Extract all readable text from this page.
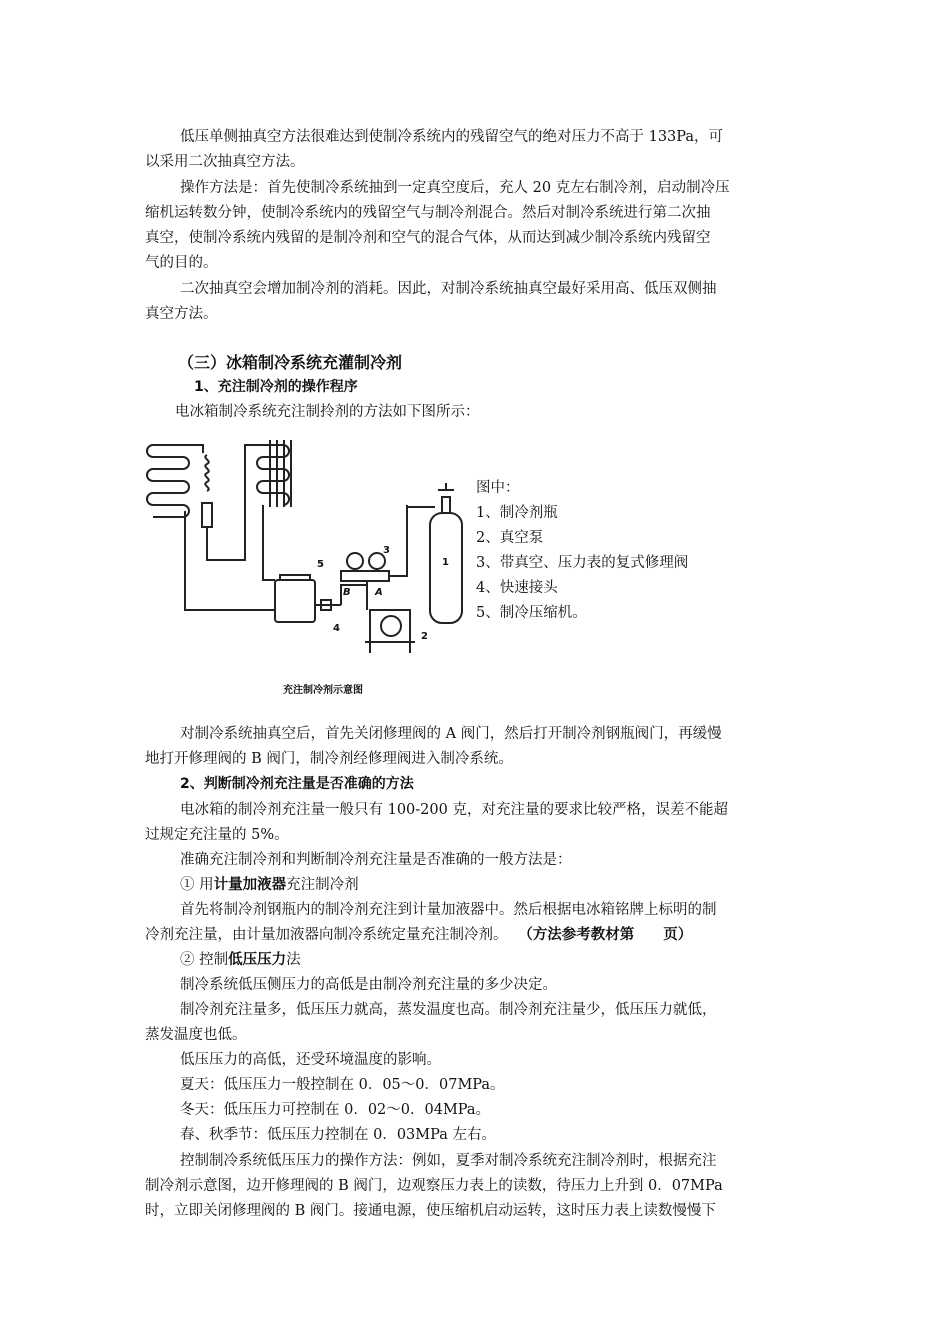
低压单侧抽真空方法很难达到使制冷系统内的残留空气的绝对压力不高于 133Pa，可
以采用二次抽真空方法。
操作方法是：首先使制冷系统抽到一定真空度后，充人 20 克左右制冷剂，启动制冷压
缩机运转数分钟，使制冷系统内的残留空气与制冷剂混合。然后对制冷系统进行第二次抽
真空，使制冷系统内残留的是制冷剂和空气的混合气体，从而达到减少制冷系统内残留空
气的目的。
二次抽真空会增加制冷剂的消耗。因此，对制冷系统抽真空最好采用高、低压双侧抽
真空方法。
（三）冰箱制冷系统充灌制冷剂
1、充注制冷剂的操作程序
电冰箱制冷系统充注制拎剂的方法如下图所示：
5
3
B A
4
2
1
充注制冷剂示意图
图中：
1、制冷剂瓶
2、真空泵
3、带真空、压力表的复式修理阀
4、快速接头
5、制冷压缩机。
对制冷系统抽真空后，首先关闭修理阀的 A 阀门，然后打开制冷剂钢瓶阀门，再缓慢
地打开修理阀的 B 阀门，制冷剂经修理阀进入制冷系统。
2、判断制冷剂充注量是否准确的方法
电冰箱的制冷剂充注量一般只有 100-200 克，对充注量的要求比较严格，误差不能超
过规定充注量的 5%。
准确充注制冷剂和判断制冷剂充注量是否准确的一般方法是：
① 用计量加液器充注制冷剂
首先将制冷剂钢瓶内的制冷剂充注到计量加液器中。然后根据电冰箱铭牌上标明的制
冷剂充注量，由计量加液器向制冷系统定量充注制冷剂。 （方法参考教材第　　页）
② 控制低压压力法
制冷系统低压侧压力的高低是由制冷剂充注量的多少决定。
制冷剂充注量多，低压压力就高，蒸发温度也高。制冷剂充注量少，低压压力就低，
蒸发温度也低。
低压压力的高低，还受环境温度的影响。
夏天：低压压力一般控制在 0．05～0．07MPa。
冬天：低压压力可控制在 0．02～0．04MPa。
春、秋季节：低压压力控制在 0．03MPa 左右。
控制制冷系统低压压力的操作方法：例如，夏季对制冷系统充注制冷剂时，根据充注
制冷剂示意图，边开修理阀的 B 阀门，边观察压力表上的读数，待压力上升到 0．07MPa
时，立即关闭修理阀的 B 阀门。接通电源，使压缩机启动运转，这时压力表上读数慢慢下
